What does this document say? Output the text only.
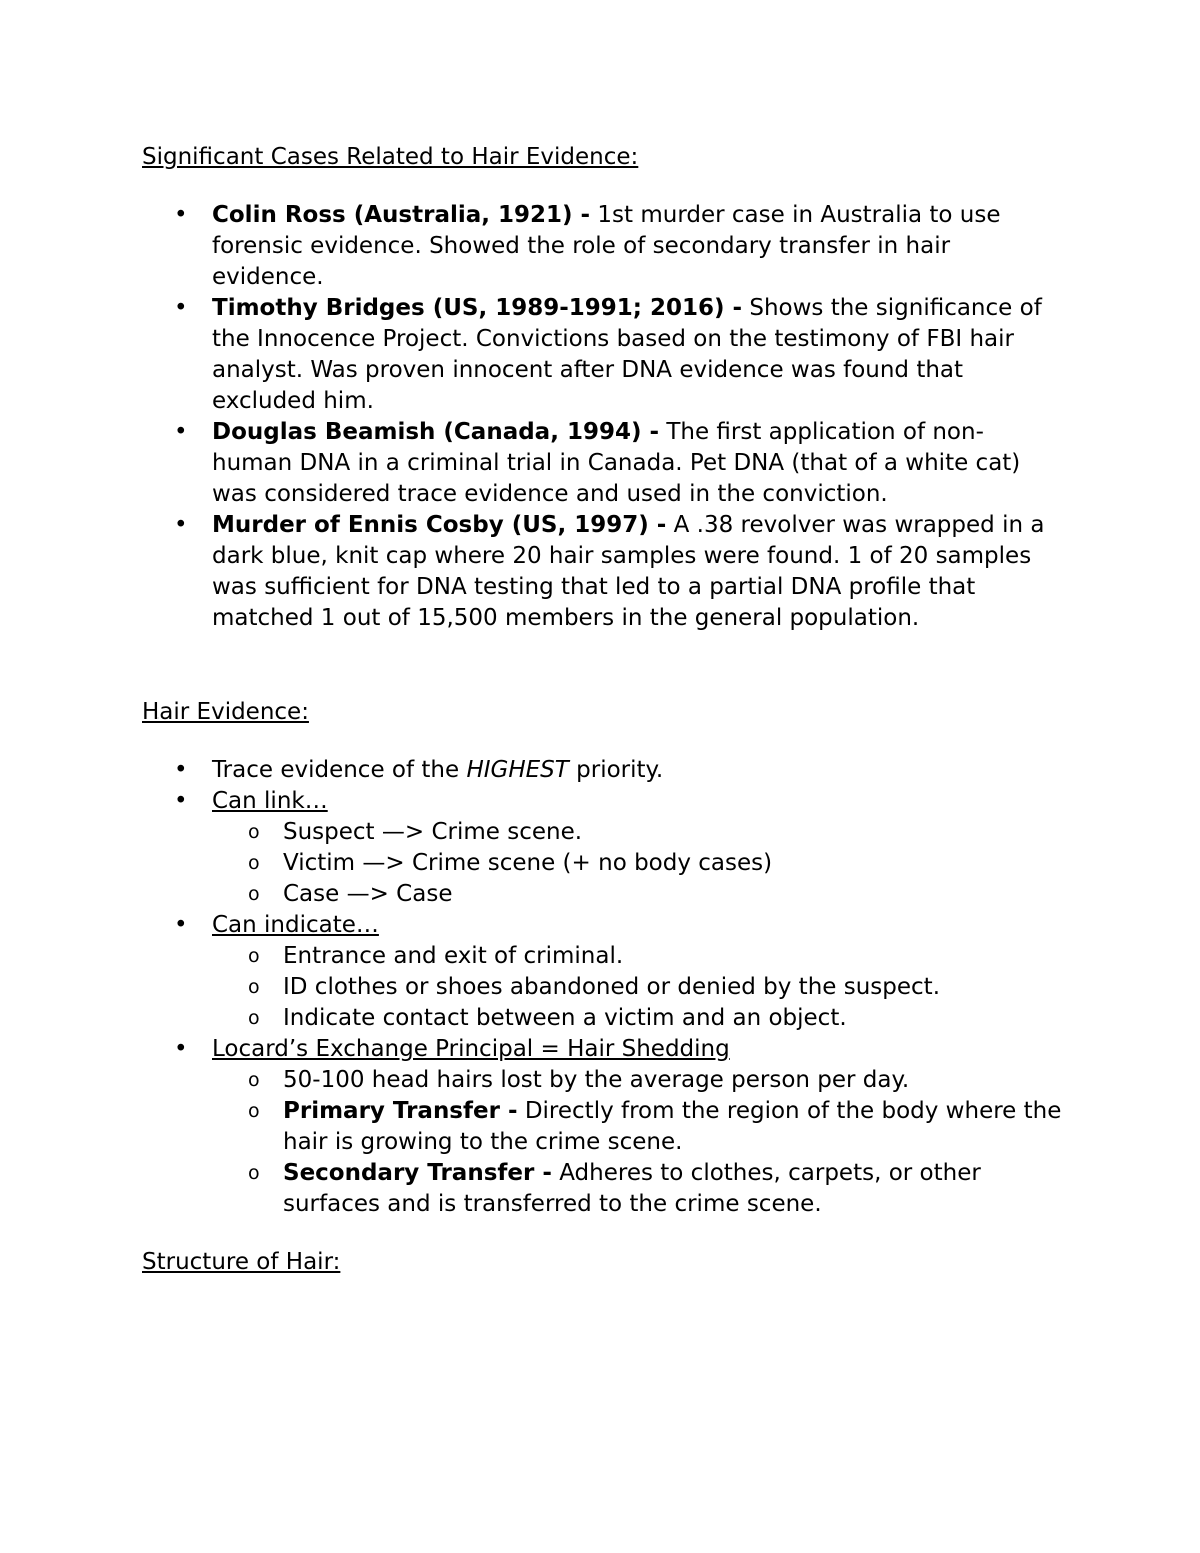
Significant Cases Related to Hair Evidence:

• Colin Ross (Australia, 1921) - 1st murder case in Australia to use forensic evidence. Showed the role of secondary transfer in hair evidence.
• Timothy Bridges (US, 1989-1991; 2016) - Shows the significance of the Innocence Project. Convictions based on the testimony of FBI hair analyst. Was proven innocent after DNA evidence was found that excluded him.
• Douglas Beamish (Canada, 1994) - The first application of non-human DNA in a criminal trial in Canada. Pet DNA (that of a white cat) was considered trace evidence and used in the conviction.
• Murder of Ennis Cosby (US, 1997) - A .38 revolver was wrapped in a dark blue, knit cap where 20 hair samples were found. 1 of 20 samples was sufficient for DNA testing that led to a partial DNA profile that matched 1 out of 15,500 members in the general population.

Hair Evidence:

• Trace evidence of the HIGHEST priority.
• Can link…
o Suspect —> Crime scene.
o Victim —> Crime scene (+ no body cases)
o Case —> Case
• Can indicate…
o Entrance and exit of criminal.
o ID clothes or shoes abandoned or denied by the suspect.
o Indicate contact between a victim and an object.
• Locard’s Exchange Principal = Hair Shedding
o 50-100 head hairs lost by the average person per day.
o Primary Transfer - Directly from the region of the body where the hair is growing to the crime scene.
o Secondary Transfer - Adheres to clothes, carpets, or other surfaces and is transferred to the crime scene.

Structure of Hair:
